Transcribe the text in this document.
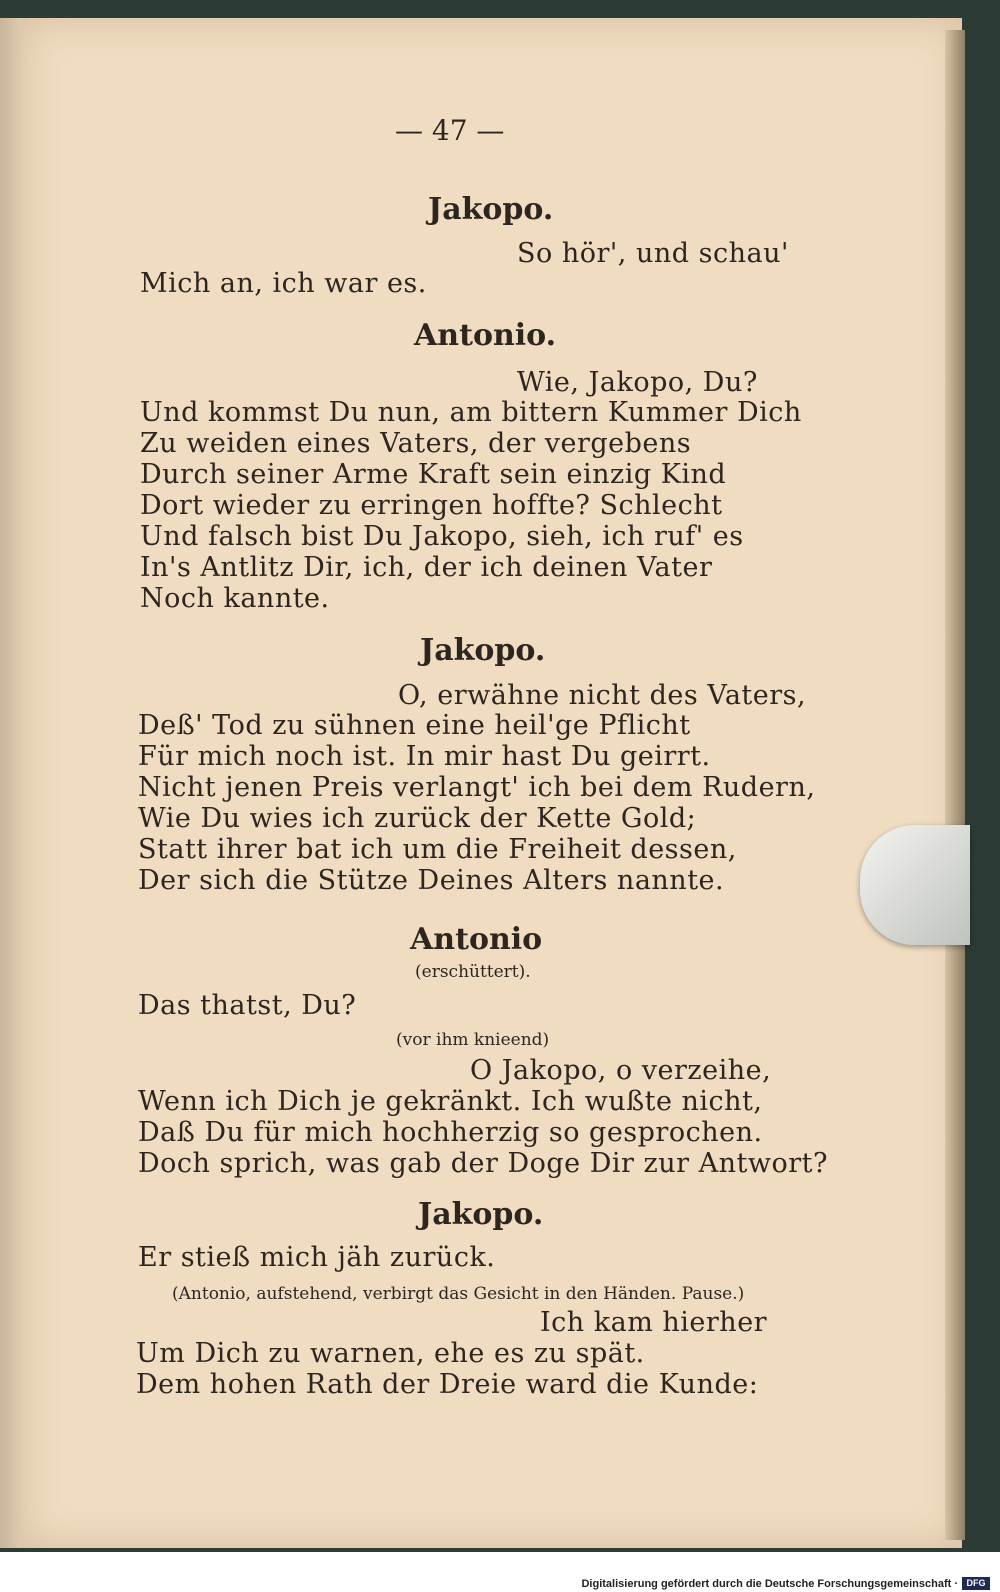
— 47 —
Jakopo.
So hör', und schau'
Mich an, ich war es.
Antonio.
Wie, Jakopo, Du?
Und kommst Du nun, am bittern Kummer Dich
Zu weiden eines Vaters, der vergebens
Durch seiner Arme Kraft sein einzig Kind
Dort wieder zu erringen hoffte? Schlecht
Und falsch bist Du Jakopo, sieh, ich ruf' es
In's Antlitz Dir, ich, der ich deinen Vater
Noch kannte.
Jakopo.
O, erwähne nicht des Vaters,
Deß' Tod zu sühnen eine heil'ge Pflicht
Für mich noch ist. In mir hast Du geirrt.
Nicht jenen Preis verlangt' ich bei dem Rudern,
Wie Du wies ich zurück der Kette Gold;
Statt ihrer bat ich um die Freiheit dessen,
Der sich die Stütze Deines Alters nannte.
Antonio
(erschüttert).
Das thatst, Du?
(vor ihm knieend)
O Jakopo, o verzeihe,
Wenn ich Dich je gekränkt. Ich wußte nicht,
Daß Du für mich hochherzig so gesprochen.
Doch sprich, was gab der Doge Dir zur Antwort?
Jakopo.
Er stieß mich jäh zurück.
(Antonio, aufstehend, verbirgt das Gesicht in den Händen. Pause.)
Ich kam hierher
Um Dich zu warnen, ehe es zu spät.
Dem hohen Rath der Dreie ward die Kunde:
Digitalisierung gefördert durch die Deutsche Forschungsgemeinschaft · DFG
